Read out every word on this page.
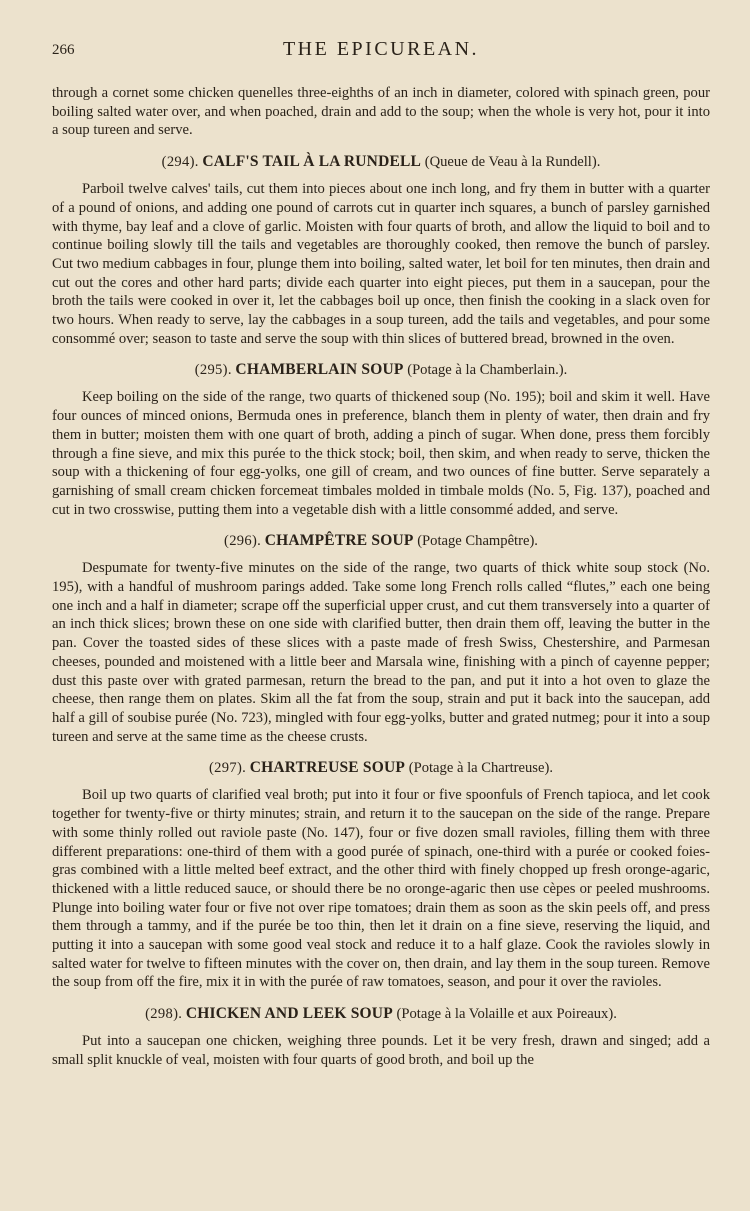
266	THE EPICUREAN.

through a cornet some chicken quenelles three-eighths of an inch in diameter, colored with spinach green, pour boiling salted water over, and when poached, drain and add to the soup; when the whole is very hot, pour it into a soup tureen and serve.

(294). CALF'S TAIL À LA RUNDELL (Queue de Veau à la Rundell).

Parboil twelve calves' tails, cut them into pieces about one inch long, and fry them in butter with a quarter of a pound of onions, and adding one pound of carrots cut in quarter inch squares, a bunch of parsley garnished with thyme, bay leaf and a clove of garlic. Moisten with four quarts of broth, and allow the liquid to boil and to continue boiling slowly till the tails and vegetables are thoroughly cooked, then remove the bunch of parsley. Cut two medium cabbages in four, plunge them into boiling, salted water, let boil for ten minutes, then drain and cut out the cores and other hard parts; divide each quarter into eight pieces, put them in a saucepan, pour the broth the tails were cooked in over it, let the cabbages boil up once, then finish the cooking in a slack oven for two hours. When ready to serve, lay the cabbages in a soup tureen, add the tails and vegetables, and pour some consommé over; season to taste and serve the soup with thin slices of buttered bread, browned in the oven.

(295). CHAMBERLAIN SOUP (Potage à la Chamberlain.).

Keep boiling on the side of the range, two quarts of thickened soup (No. 195); boil and skim it well. Have four ounces of minced onions, Bermuda ones in preference, blanch them in plenty of water, then drain and fry them in butter; moisten them with one quart of broth, adding a pinch of sugar. When done, press them forcibly through a fine sieve, and mix this purée to the thick stock; boil, then skim, and when ready to serve, thicken the soup with a thickening of four egg-yolks, one gill of cream, and two ounces of fine butter. Serve separately a garnishing of small cream chicken forcemeat timbales molded in timbale molds (No. 5, Fig. 137), poached and cut in two crosswise, putting them into a vegetable dish with a little consommé added, and serve.

(296). CHAMPÊTRE SOUP (Potage Champêtre).

Despumate for twenty-five minutes on the side of the range, two quarts of thick white soup stock (No. 195), with a handful of mushroom parings added. Take some long French rolls called “flutes,” each one being one inch and a half in diameter; scrape off the superficial upper crust, and cut them transversely into a quarter of an inch thick slices; brown these on one side with clarified butter, then drain them off, leaving the butter in the pan. Cover the toasted sides of these slices with a paste made of fresh Swiss, Chestershire, and Parmesan cheeses, pounded and moistened with a little beer and Marsala wine, finishing with a pinch of cayenne pepper; dust this paste over with grated parmesan, return the bread to the pan, and put it into a hot oven to glaze the cheese, then range them on plates. Skim all the fat from the soup, strain and put it back into the saucepan, add half a gill of soubise purée (No. 723), mingled with four egg-yolks, butter and grated nutmeg; pour it into a soup tureen and serve at the same time as the cheese crusts.

(297). CHARTREUSE SOUP (Potage à la Chartreuse).

Boil up two quarts of clarified veal broth; put into it four or five spoonfuls of French tapioca, and let cook together for twenty-five or thirty minutes; strain, and return it to the saucepan on the side of the range. Prepare with some thinly rolled out raviole paste (No. 147), four or five dozen small ravioles, filling them with three different preparations: one-third of them with a good purée of spinach, one-third with a purée or cooked foies-gras combined with a little melted beef extract, and the other third with finely chopped up fresh oronge-agaric, thickened with a little reduced sauce, or should there be no oronge-agaric then use cèpes or peeled mushrooms. Plunge into boiling water four or five not over ripe tomatoes; drain them as soon as the skin peels off, and press them through a tammy, and if the purée be too thin, then let it drain on a fine sieve, reserving the liquid, and putting it into a saucepan with some good veal stock and reduce it to a half glaze. Cook the ravioles slowly in salted water for twelve to fifteen minutes with the cover on, then drain, and lay them in the soup tureen. Remove the soup from off the fire, mix it in with the purée of raw tomatoes, season, and pour it over the ravioles.

(298). CHICKEN AND LEEK SOUP (Potage à la Volaille et aux Poireaux).

Put into a saucepan one chicken, weighing three pounds. Let it be very fresh, drawn and singed; add a small split knuckle of veal, moisten with four quarts of good broth, and boil up the
